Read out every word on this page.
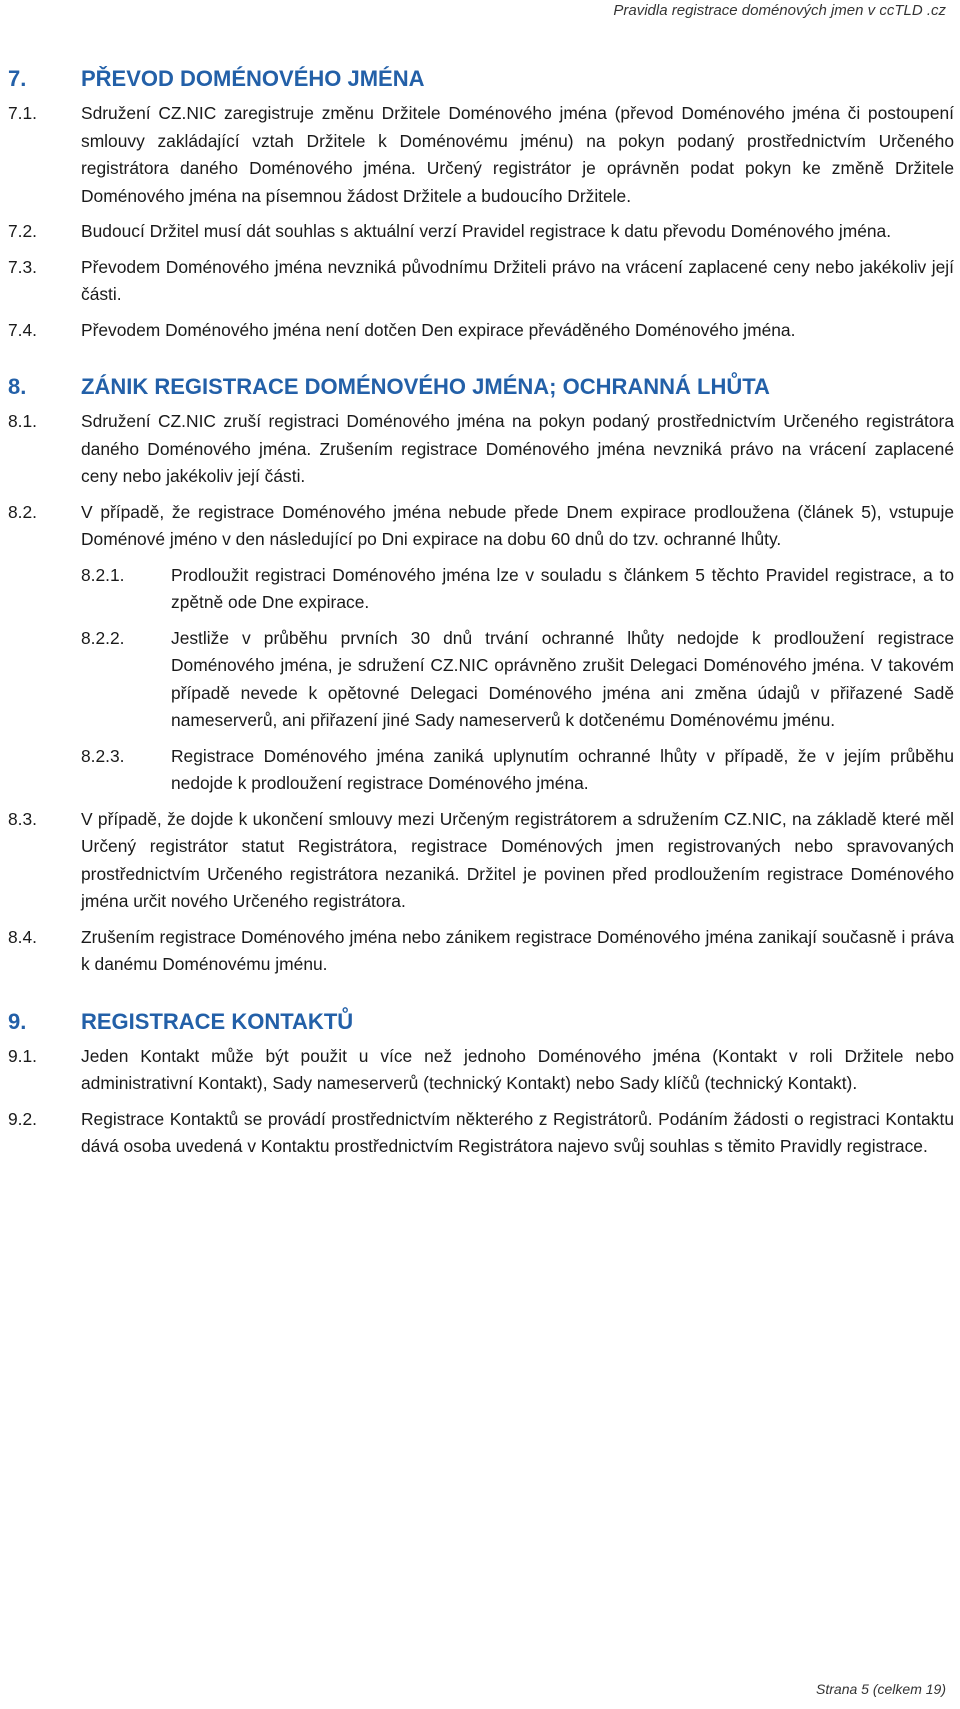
Pravidla registrace doménových jmen v ccTLD .cz
7.	PŘEVOD DOMÉNOVÉHO JMÉNA
7.1.	Sdružení CZ.NIC zaregistruje změnu Držitele Doménového jména (převod Doménového jména či postoupení smlouvy zakládající vztah Držitele k Doménovému jménu) na pokyn podaný prostřednictvím Určeného registrátora daného Doménového jména. Určený registrátor je oprávněn podat pokyn ke změně Držitele Doménového jména na písemnou žádost Držitele a budoucího Držitele.
7.2.	Budoucí Držitel musí dát souhlas s aktuální verzí Pravidel registrace k datu převodu Doménového jména.
7.3.	Převodem Doménového jména nevzniká původnímu Držiteli právo na vrácení zaplacené ceny nebo jakékoliv její části.
7.4.	Převodem Doménového jména není dotčen Den expirace převáděného Doménového jména.
8.	ZÁNIK REGISTRACE DOMÉNOVÉHO JMÉNA; OCHRANNÁ LHŮTA
8.1.	Sdružení CZ.NIC zruší registraci Doménového jména na pokyn podaný prostřednictvím Určeného registrátora daného Doménového jména. Zrušením registrace Doménového jména nevzniká právo na vrácení zaplacené ceny nebo jakékoliv její části.
8.2.	V případě, že registrace Doménového jména nebude přede Dnem expirace prodloužena (článek 5), vstupuje Doménové jméno v den následující po Dni expirace na dobu 60 dnů do tzv. ochranné lhůty.
8.2.1.	Prodloužit registraci Doménového jména lze v souladu s článkem 5 těchto Pravidel registrace, a to zpětně ode Dne expirace.
8.2.2.	Jestliže v průběhu prvních 30 dnů trvání ochranné lhůty nedojde k prodloužení registrace Doménového jména, je sdružení CZ.NIC oprávněno zrušit Delegaci Doménového jména. V takovém případě nevede k opětovné Delegaci Doménového jména ani změna údajů v přiřazené Sadě nameserverů, ani přiřazení jiné Sady nameserverů k dotčenému Doménovému jménu.
8.2.3.	Registrace Doménového jména zaniká uplynutím ochranné lhůty v případě, že v jejím průběhu nedojde k prodloužení registrace Doménového jména.
8.3.	V případě, že dojde k ukončení smlouvy mezi Určeným registrátorem a sdružením CZ.NIC, na základě které měl Určený registrátor statut Registrátora, registrace Doménových jmen registrovaných nebo spravovaných prostřednictvím Určeného registrátora nezaniká. Držitel je povinen před prodloužením registrace Doménového jména určit nového Určeného registrátora.
8.4.	Zrušením registrace Doménového jména nebo zánikem registrace Doménového jména zanikají současně i práva k danému Doménovému jménu.
9.	REGISTRACE KONTAKTŮ
9.1.	Jeden Kontakt může být použit u více než jednoho Doménového jména (Kontakt v roli Držitele nebo administrativní Kontakt), Sady nameserverů (technický Kontakt) nebo Sady klíčů (technický Kontakt).
9.2.	Registrace Kontaktů se provádí prostřednictvím některého z Registrátorů. Podáním žádosti o registraci Kontaktu dává osoba uvedená v Kontaktu prostřednictvím Registrátora najevo svůj souhlas s těmito Pravidly registrace.
Strana 5 (celkem 19)
